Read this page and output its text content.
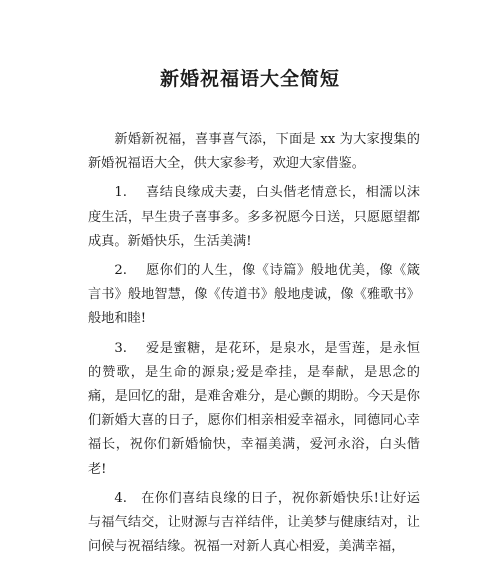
新婚祝福语大全简短

新婚新祝福，喜事喜气添，下面是 xx 为大家搜集的新婚祝福语大全，供大家参考，欢迎大家借鉴。

1.　 喜结良缘成夫妻，白头偕老情意长，相濡以沫度生活，早生贵子喜事多。多多祝愿今日送，只愿愿望都成真。新婚快乐，生活美满!

2.　 愿你们的人生，像《诗篇》般地优美，像《箴言书》般地智慧，像《传道书》般地虔诚，像《雅歌书》般地和睦!

3.　 爱是蜜糖，是花环，是泉水，是雪莲，是永恒的赞歌，是生命的源泉;爱是牵挂，是奉献，是思念的痛，是回忆的甜，是难舍难分，是心颤的期盼。今天是你们新婚大喜的日子，愿你们相亲相爱幸福永，同德同心幸福长，祝你们新婚愉快，幸福美满，爱河永浴，白头偕老!

4.　在你们喜结良缘的日子，祝你新婚快乐!让好运与福气结交，让财源与吉祥结伴，让美梦与健康结对，让问候与祝福结缘。祝福一对新人真心相爱，美满幸福，
